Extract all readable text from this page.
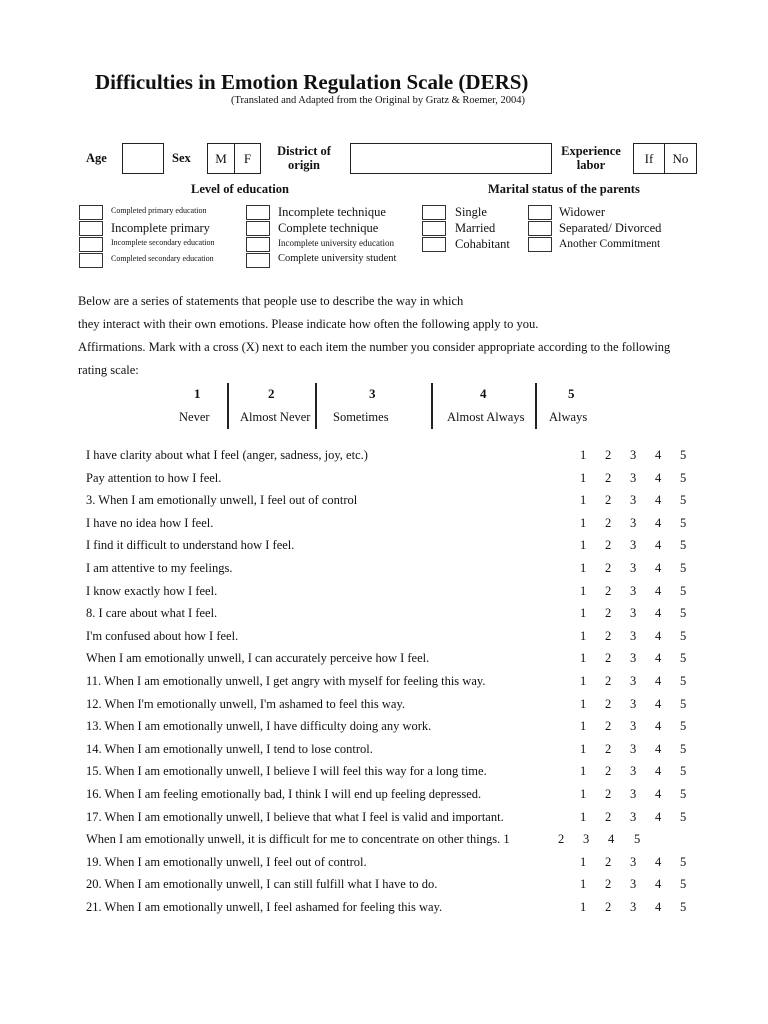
Difficulties in Emotion Regulation Scale (DERS)
(Translated and Adapted from the Original by Gratz & Roemer, 2004)
Age	Sex	M	F	District of
origin
Experience
labor	If	No
Level of education	Marital status of the parents
Completed primary education
Incomplete primary
Incomplete secondary education
Completed secondary education
Incomplete technique
Complete technique
Incomplete university education
Complete university student
Single
Married
Cohabitant
Widower
Separated/ Divorced
Another Commitment
Below are a series of statements that people use to describe the way in which
they interact with their own emotions. Please indicate how often the following apply to you.
Affirmations. Mark with a cross (X) next to each item the number you consider appropriate according to the following
rating scale:
1	2	3	4	5
Never Almost Never Sometimes	Almost Always Always
I have clarity about what I feel (anger, sadness, joy, etc.)	1 2 3 4 5
Pay attention to how I feel.	1 2 3 4 5
3. When I am emotionally unwell, I feel out of control	1 2 3 4 5
I have no idea how I feel.	1 2 3 4 5
I find it difficult to understand how I feel.	1 2 3 4 5
I am attentive to my feelings.	1 2 3 4 5
I know exactly how I feel.	1 2 3 4 5
8. I care about what I feel.	1 2 3 4 5
I'm confused about how I feel.	1 2 3 4 5
When I am emotionally unwell, I can accurately perceive how I feel.	1 2 3 4 5
11. When I am emotionally unwell, I get angry with myself for feeling this way.	1 2 3 4 5
12. When I'm emotionally unwell, I'm ashamed to feel this way.	1 2 3 4 5
13. When I am emotionally unwell, I have difficulty doing any work.	1 2 3 4 5
14. When I am emotionally unwell, I tend to lose control.	1 2 3 4 5
15. When I am emotionally unwell, I believe I will feel this way for a long time.	1 2 3 4 5
16. When I am feeling emotionally bad, I think I will end up feeling depressed.	1 2 3 4 5
17. When I am emotionally unwell, I believe that what I feel is valid and important.	1 2 3 4 5
When I am emotionally unwell, it is difficult for me to concentrate on other things. 1	2 3 4 5
19. When I am emotionally unwell, I feel out of control.	1 2 3 4 5
20. When I am emotionally unwell, I can still fulfill what I have to do.	1 2 3 4 5
21. When I am emotionally unwell, I feel ashamed for feeling this way.	1 2 3 4 5
